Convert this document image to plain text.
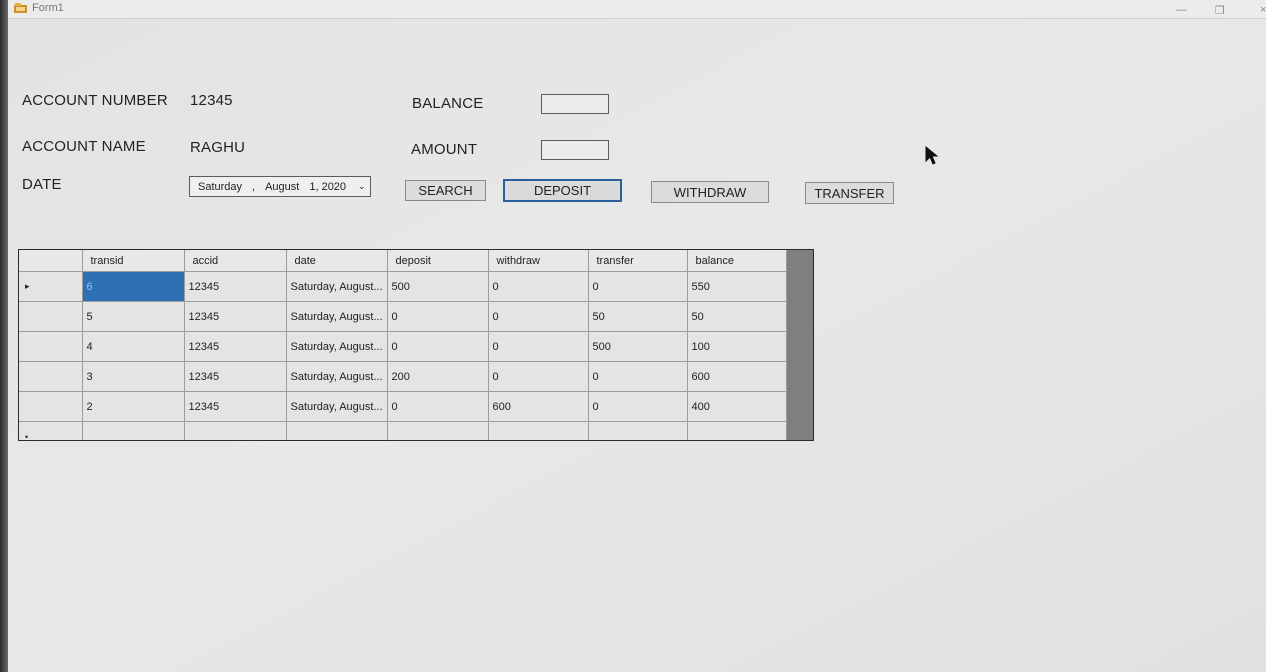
Form1	—	❐	×
ACCOUNT NUMBER 12345	BALANCE
ACCOUNT NAME	RAGHU	AMOUNT
DATE	Saturday , August 1, 2020 ⌄	SEARCH	DEPOSIT	WITHDRAW	TRANSFER
	transid	accid	date	deposit	withdraw	transfer	balance
▸	6	12345	Saturday, August...	500	0	0	550
	5	12345	Saturday, August...	0	0	50	50
	4	12345	Saturday, August...	0	0	500	100
	3	12345	Saturday, August...	200	0	0	600
	2	12345	Saturday, August...	0	600	0	400
•							
